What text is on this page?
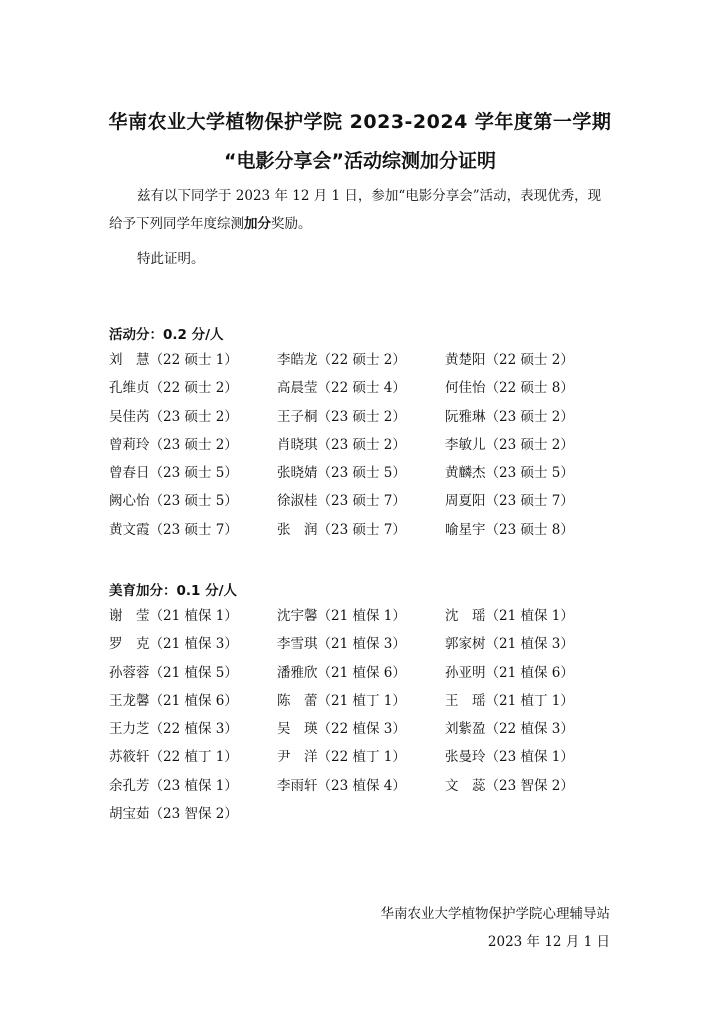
华南农业大学植物保护学院 2023-2024 学年度第一学期
“电影分享会”活动综测加分证明
兹有以下同学于 2023 年 12 月 1 日，参加“电影分享会”活动，表现优秀，现给予下列同学年度综测加分奖励。
特此证明。
活动分：0.2 分/人
刘　慧（22 硕士 1）	李皓龙（22 硕士 2）	黄楚阳（22 硕士 2）
孔维贞（22 硕士 2）	高晨莹（22 硕士 4）	何佳怡（22 硕士 8）
吴佳芮（23 硕士 2）	王子桐（23 硕士 2）	阮雅琳（23 硕士 2）
曾莉玲（23 硕士 2）	肖晓琪（23 硕士 2）	李敏儿（23 硕士 2）
曾春日（23 硕士 5）	张晓婧（23 硕士 5）	黄麟杰（23 硕士 5）
阙心怡（23 硕士 5）	徐淑桂（23 硕士 7）	周夏阳（23 硕士 7）
黄文霞（23 硕士 7）	张　润（23 硕士 7）	喻星宇（23 硕士 8）
美育加分：0.1 分/人
谢　莹（21 植保 1）	沈宇馨（21 植保 1）	沈　瑶（21 植保 1）
罗　克（21 植保 3）	李雪琪（21 植保 3）	郭家树（21 植保 3）
孙蓉蓉（21 植保 5）	潘雅欣（21 植保 6）	孙亚明（21 植保 6）
王龙馨（21 植保 6）	陈　蕾（21 植丁 1）	王　瑶（21 植丁 1）
王力芝（22 植保 3）	吴　瑛（22 植保 3）	刘紫盈（22 植保 3）
苏筱轩（22 植丁 1）	尹　洋（22 植丁 1）	张曼玲（23 植保 1）
余孔芳（23 植保 1）	李雨轩（23 植保 4）	文　蕊（23 智保 2）
胡宝茹（23 智保 2）
华南农业大学植物保护学院心理辅导站
2023 年 12 月 1 日
